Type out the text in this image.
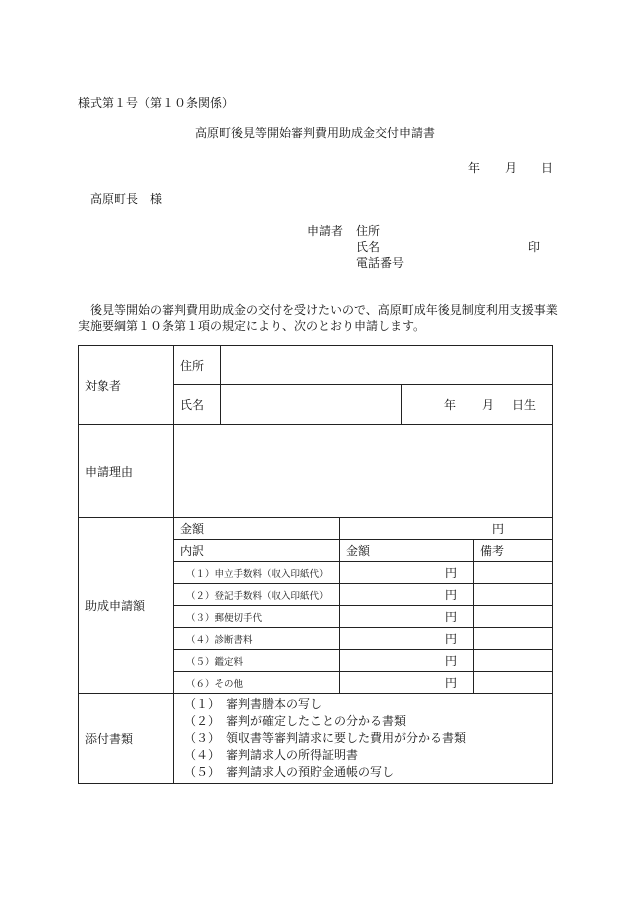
様式第１号（第１０条関係）
高原町後見等開始審判費用助成金交付申請書
年 月 日
高原町長　様
申請者 住所
氏名	印
電話番号
後見等開始の審判費用助成金の交付を受けたいので、高原町成年後見制度利用支援事業
実施要綱第１０条第１項の規定により、次のとおり申請します。
対象者	住所				
	氏名			年 月 日生	
申請理由					
助成申請額	金額		円		
	内訳		金額		備考
	（１）申立手数料（収入印紙代）		円		
	（２）登記手数料（収入印紙代）		円		
	（３）郵便切手代		円		
	（４）診断書料		円		
	（５）鑑定料		円		
	（６）その他		円		
添付書類	（１） 審判書謄本の写し
（２） 審判が確定したことの分かる書類
（３） 領収書等審判請求に要した費用が分かる書類
（４） 審判請求人の所得証明書
（５） 審判請求人の預貯金通帳の写し				
